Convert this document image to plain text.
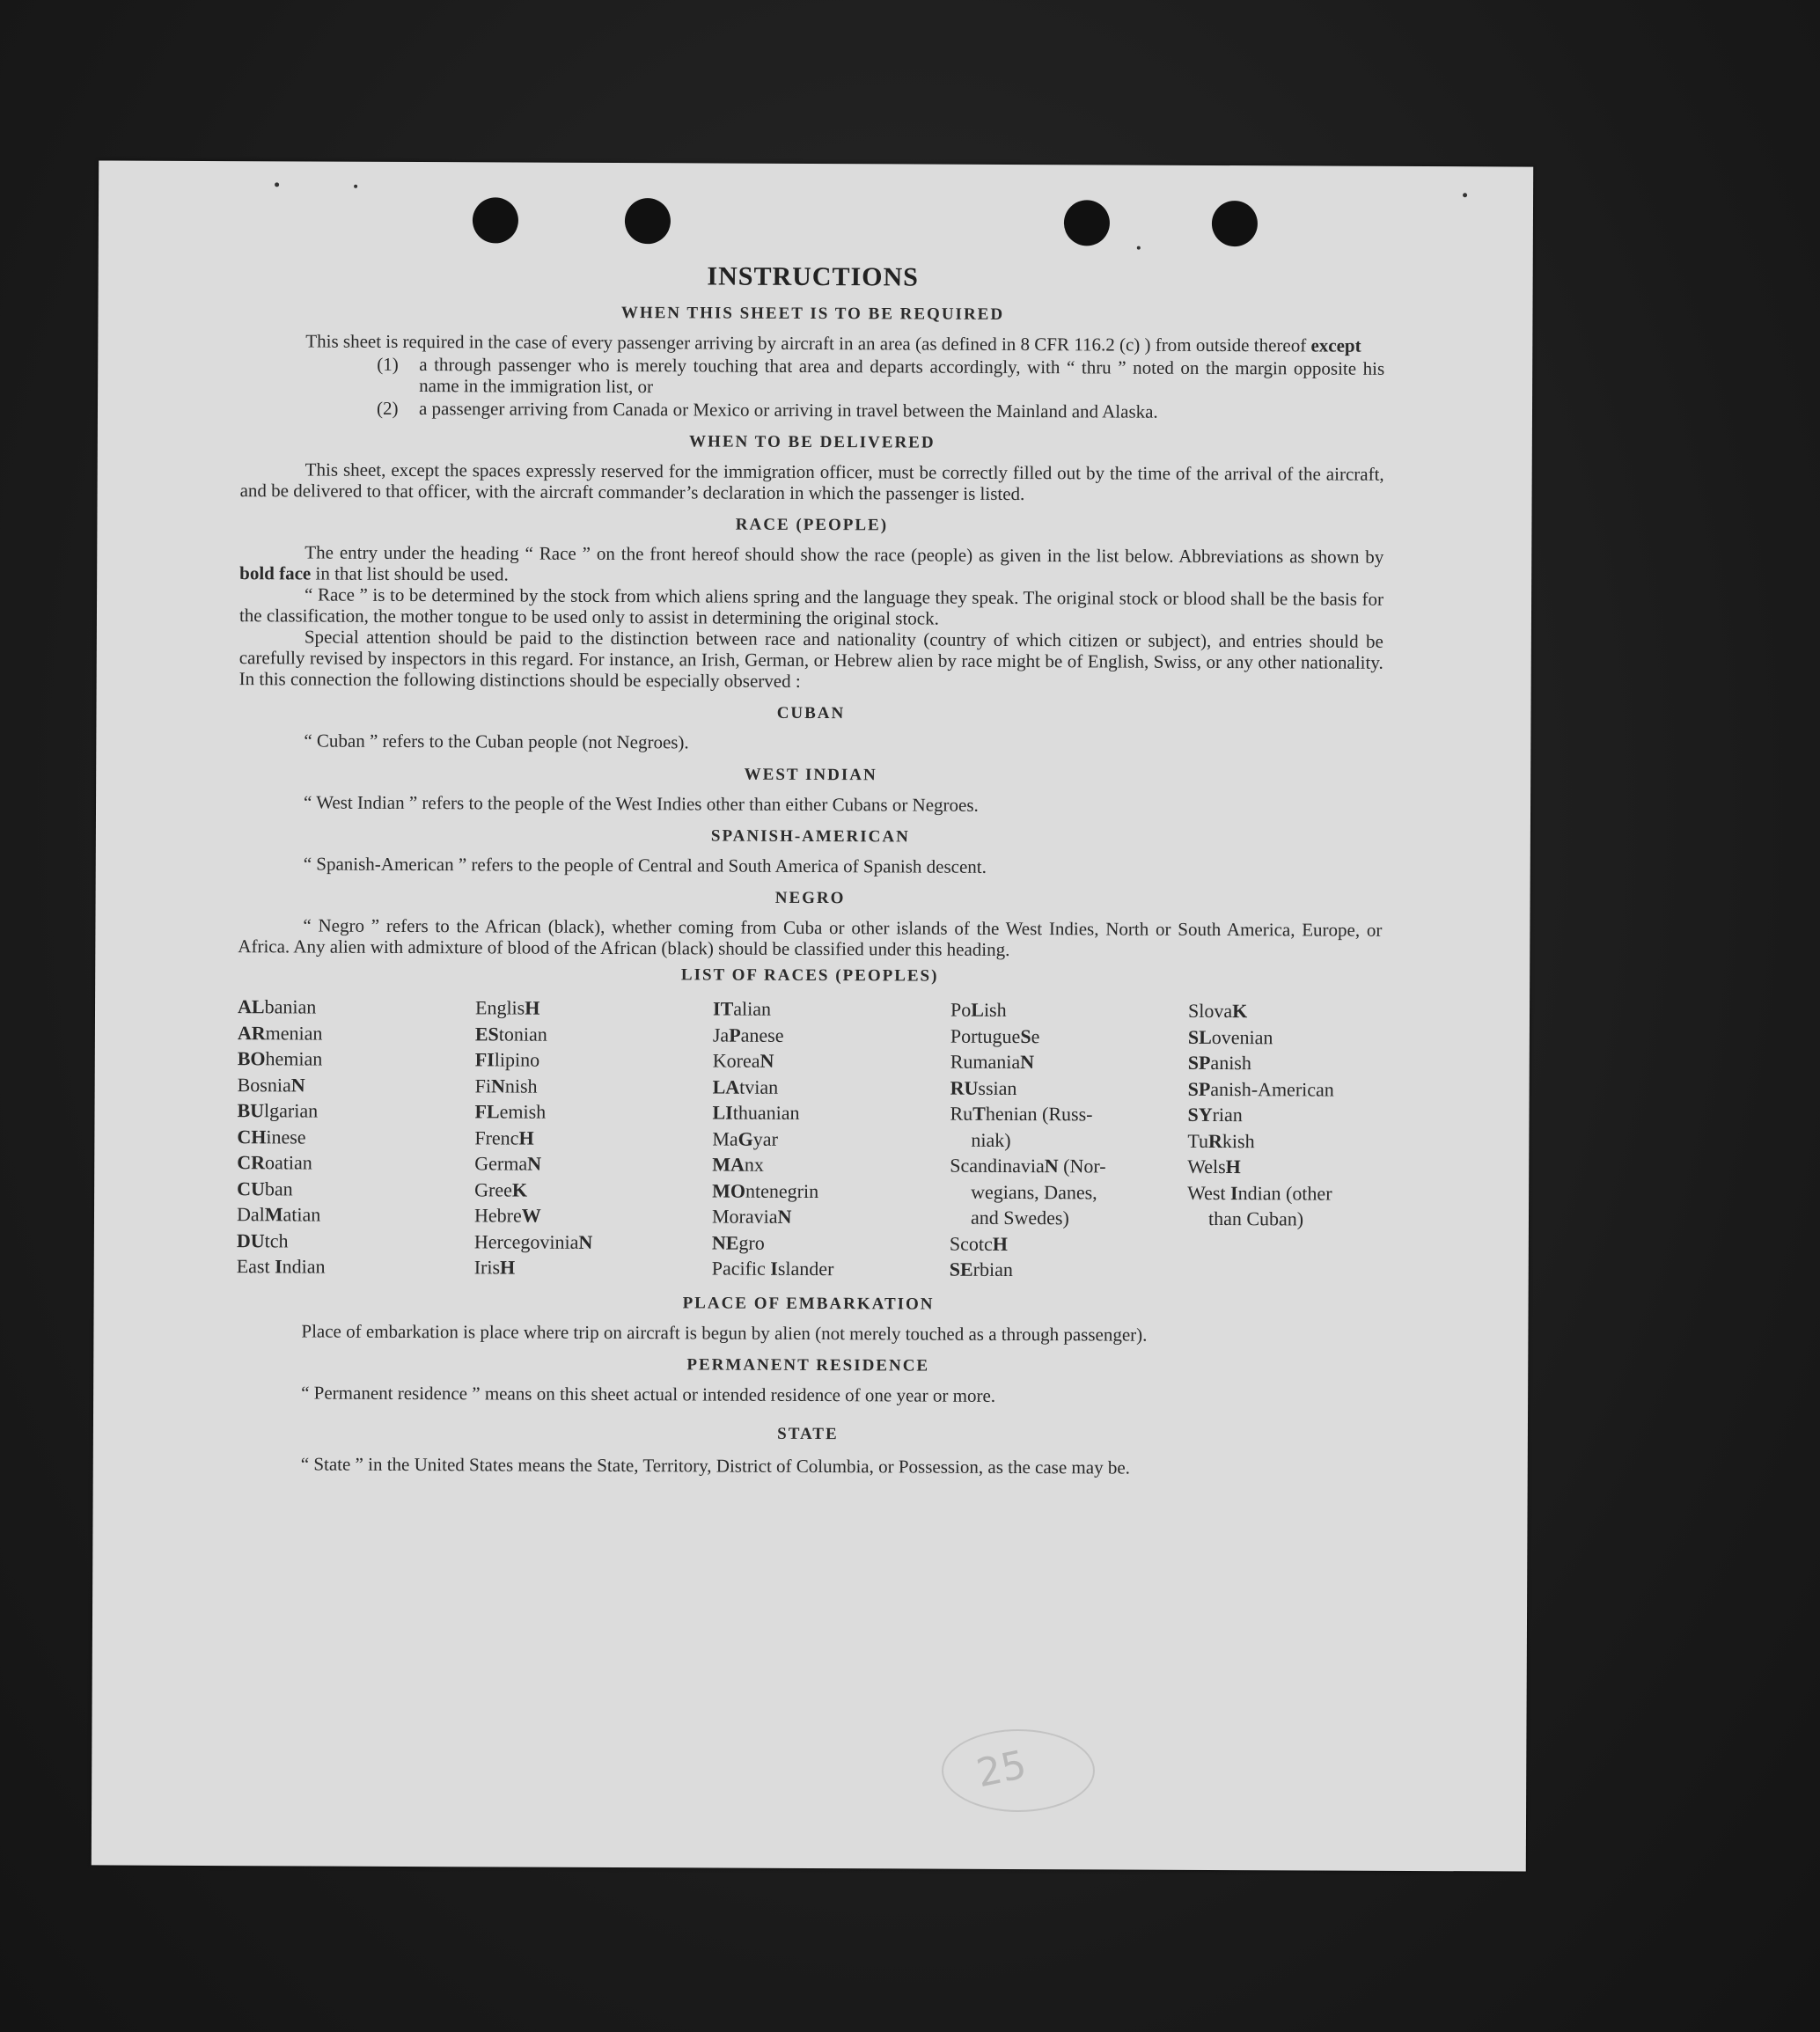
INSTRUCTIONS
WHEN THIS SHEET IS TO BE REQUIRED

This sheet is required in the case of every passenger arriving by aircraft in an area (as defined in 8 CFR 116.2 (c) ) from outside thereof except

(1)	a through passenger who is merely touching that area and departs accordingly, with “ thru ” noted on the margin opposite his name in the immigration list, or
(2)	a passenger arriving from Canada or Mexico or arriving in travel between the Mainland and Alaska.
WHEN TO BE DELIVERED

This sheet, except the spaces expressly reserved for the immigration officer, must be correctly filled out by the time of the arrival of the aircraft, and be delivered to that officer, with the aircraft commander’s declaration in which the passenger is listed.

RACE (PEOPLE)

The entry under the heading “ Race ” on the front hereof should show the race (people) as given in the list below. Abbreviations as shown by bold face in that list should be used.

“ Race ” is to be determined by the stock from which aliens spring and the language they speak. The original stock or blood shall be the basis for the classification, the mother tongue to be used only to assist in determining the original stock.

Special attention should be paid to the distinction between race and nationality (country of which citizen or subject), and entries should be carefully revised by inspectors in this regard. For instance, an Irish, German, or Hebrew alien by race might be of English, Swiss, or any other nationality. In this connection the following distinctions should be especially observed :

CUBAN

“ Cuban ” refers to the Cuban people (not Negroes).

WEST INDIAN

“ West Indian ” refers to the people of the West Indies other than either Cubans or Negroes.

SPANISH-AMERICAN

“ Spanish-American ” refers to the people of Central and South America of Spanish descent.

NEGRO

“ Negro ” refers to the African (black), whether coming from Cuba or other islands of the West Indies, North or South America, Europe, or Africa. Any alien with admixture of blood of the African (black) should be classified under this heading.

LIST OF RACES (PEOPLES)
ALbanian
ARmenian
BOhemian
BosniaN
BUlgarian
CHinese
CRoatian
CUban
DalMatian
DUtch
East Indian
EnglisH
EStonian
FIlipino
FiNnish
FLemish
FrencH
GermaN
GreeK
HebreW
HercegoviniaN
IrisH
ITalian
JaPanese
KoreaN
LAtvian
LIthuanian
MaGyar
MAnx
MOntenegrin
MoraviaN
NEgro
Pacific Islander
PoLish
PortugueSe
RumaniaN
RUssian
RuThenian (Russ-
niak)
ScandinaviaN (Nor-
wegians, Danes,
and Swedes)
ScotcH
SErbian
SlovaK
SLovenian
SPanish
SPanish-American
SYrian
TuRkish
WelsH
West Indian (other
than Cuban)
PLACE OF EMBARKATION

Place of embarkation is place where trip on aircraft is begun by alien (not merely touched as a through passenger).

PERMANENT RESIDENCE

“ Permanent residence ” means on this sheet actual or intended residence of one year or more.

STATE

“ State ” in the United States means the State, Territory, District of Columbia, or Possession, as the case may be.

25
